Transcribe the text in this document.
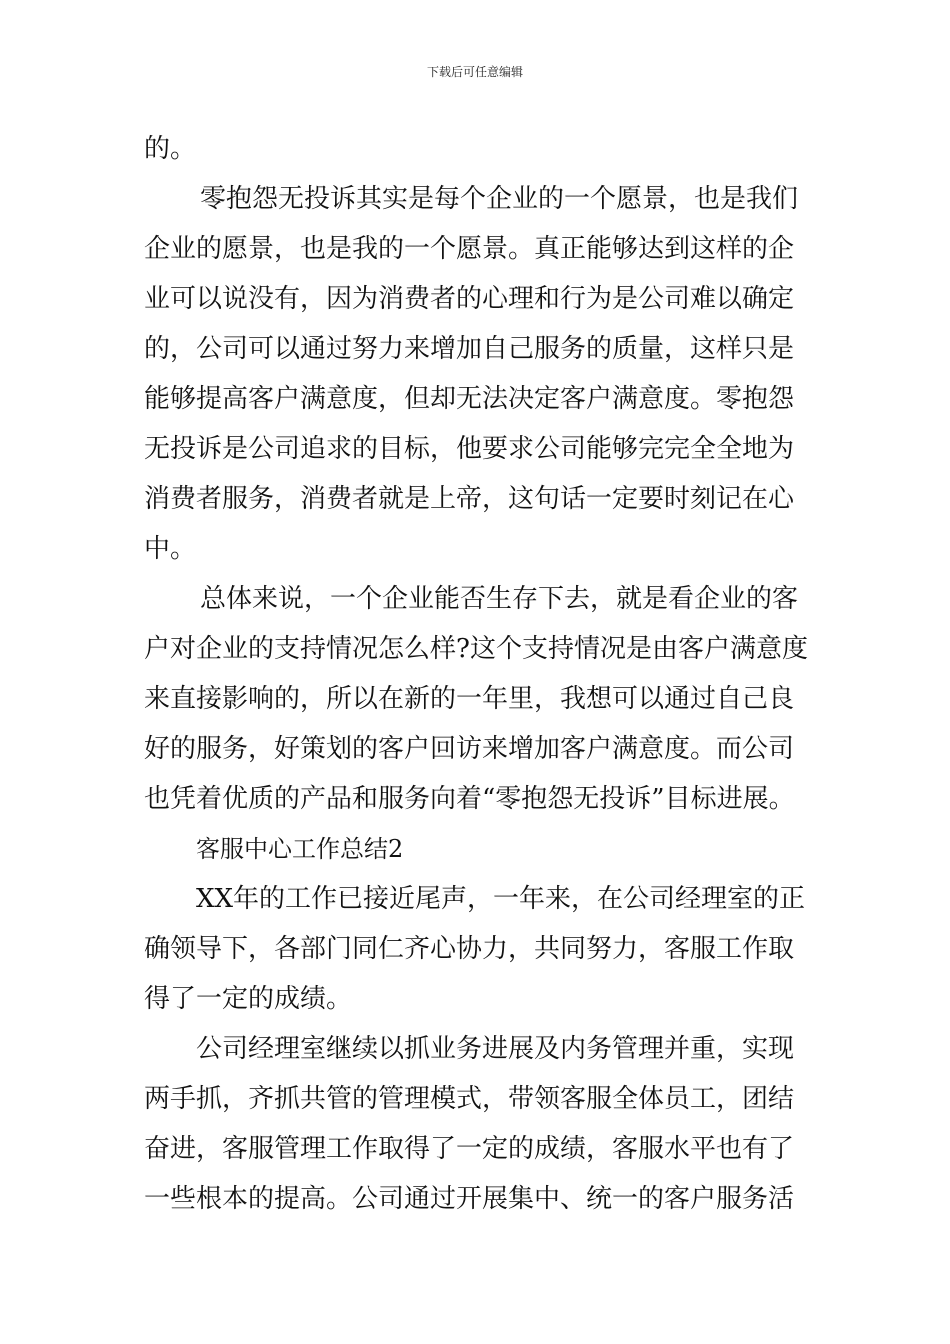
下载后可任意编辑
的。
零抱怨无投诉其实是每个企业的一个愿景，也是我们
企业的愿景，也是我的一个愿景。真正能够达到这样的企
业可以说没有，因为消费者的心理和行为是公司难以确定
的，公司可以通过努力来增加自己服务的质量，这样只是
能够提高客户满意度，但却无法决定客户满意度。零抱怨
无投诉是公司追求的目标，他要求公司能够完完全全地为
消费者服务，消费者就是上帝，这句话一定要时刻记在心
中。
总体来说，一个企业能否生存下去，就是看企业的客
户对企业的支持情况怎么样?这个支持情况是由客户满意度
来直接影响的，所以在新的一年里，我想可以通过自己良
好的服务，好策划的客户回访来增加客户满意度。而公司
也凭着优质的产品和服务向着“零抱怨无投诉”目标进展。
客服中心工作总结2
XX年的工作已接近尾声，一年来，在公司经理室的正
确领导下，各部门同仁齐心协力，共同努力，客服工作取
得了一定的成绩。
公司经理室继续以抓业务进展及内务管理并重，实现
两手抓，齐抓共管的管理模式，带领客服全体员工，团结
奋进，客服管理工作取得了一定的成绩，客服水平也有了
一些根本的提高。公司通过开展集中、统一的客户服务活
